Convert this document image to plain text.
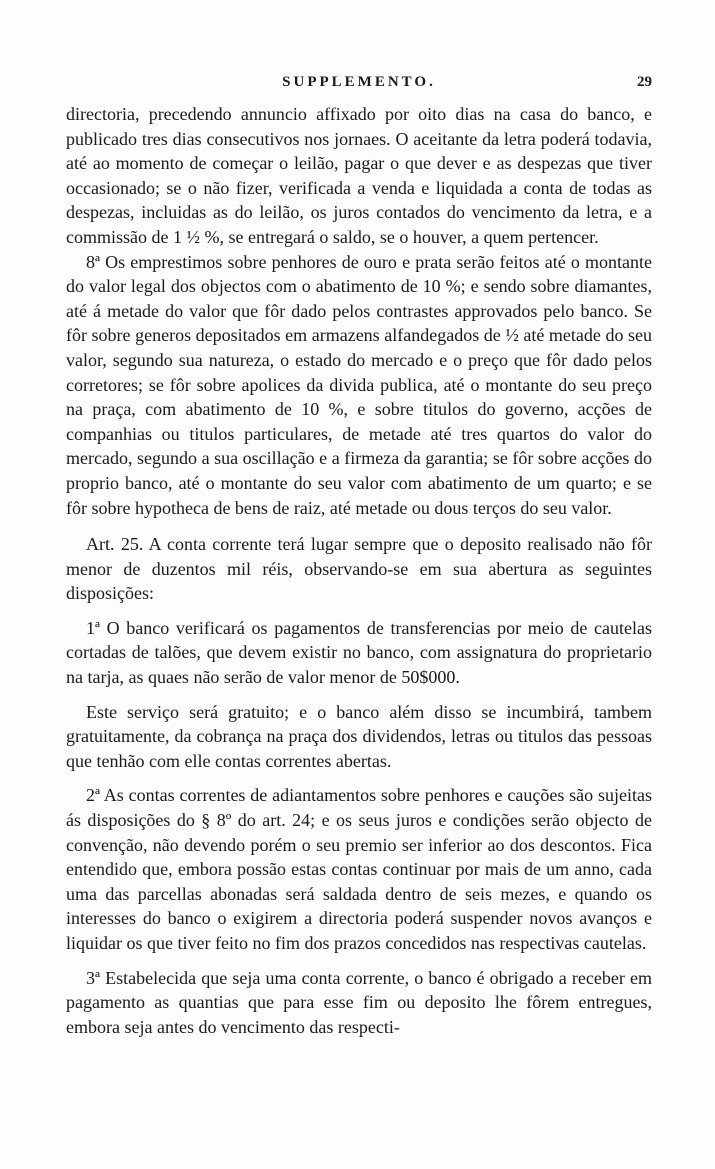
SUPPLEMENTO.	29

directoria, precedendo annuncio affixado por oito dias na casa do banco, e publicado tres dias consecutivos nos jornaes. O aceitante da letra poderá todavia, até ao momento de começar o leilão, pagar o que dever e as despezas que tiver occasionado; se o não fizer, verificada a venda e liquidada a conta de todas as despezas, incluidas as do leilão, os juros contados do vencimento da letra, e a commissão de 1 ½ %, se entregará o saldo, se o houver, a quem pertencer.

8ª Os emprestimos sobre penhores de ouro e prata serão feitos até o montante do valor legal dos objectos com o abatimento de 10 %; e sendo sobre diamantes, até á metade do valor que fôr dado pelos contrastes approvados pelo banco. Se fôr sobre generos depositados em armazens alfandegados de ½ até metade do seu valor, segundo sua natureza, o estado do mercado e o preço que fôr dado pelos corretores; se fôr sobre apolices da divida publica, até o montante do seu preço na praça, com abatimento de 10 %, e sobre titulos do governo, acções de companhias ou titulos particulares, de metade até tres quartos do valor do mercado, segundo a sua oscillação e a firmeza da garantia; se fôr sobre acções do proprio banco, até o montante do seu valor com abatimento de um quarto; e se fôr sobre hypotheca de bens de raiz, até metade ou dous terços do seu valor.

Art. 25. A conta corrente terá lugar sempre que o deposito realisado não fôr menor de duzentos mil réis, observando-se em sua abertura as seguintes disposições:

1ª O banco verificará os pagamentos de transferencias por meio de cautelas cortadas de talões, que devem existir no banco, com assignatura do proprietario na tarja, as quaes não serão de valor menor de 50$000.

Este serviço será gratuito; e o banco além disso se incumbirá, tambem gratuitamente, da cobrança na praça dos dividendos, letras ou titulos das pessoas que tenhão com elle contas correntes abertas.

2ª As contas correntes de adiantamentos sobre penhores e cauções são sujeitas ás disposições do § 8º do art. 24; e os seus juros e condições serão objecto de convenção, não devendo porém o seu premio ser inferior ao dos descontos. Fica entendido que, embora possão estas contas continuar por mais de um anno, cada uma das parcellas abonadas será saldada dentro de seis mezes, e quando os interesses do banco o exigirem a directoria poderá suspender novos avanços e liquidar os que tiver feito no fim dos prazos concedidos nas respectivas cautelas.

3ª Estabelecida que seja uma conta corrente, o banco é obrigado a receber em pagamento as quantias que para esse fim ou deposito lhe fôrem entregues, embora seja antes do vencimento das respecti-
